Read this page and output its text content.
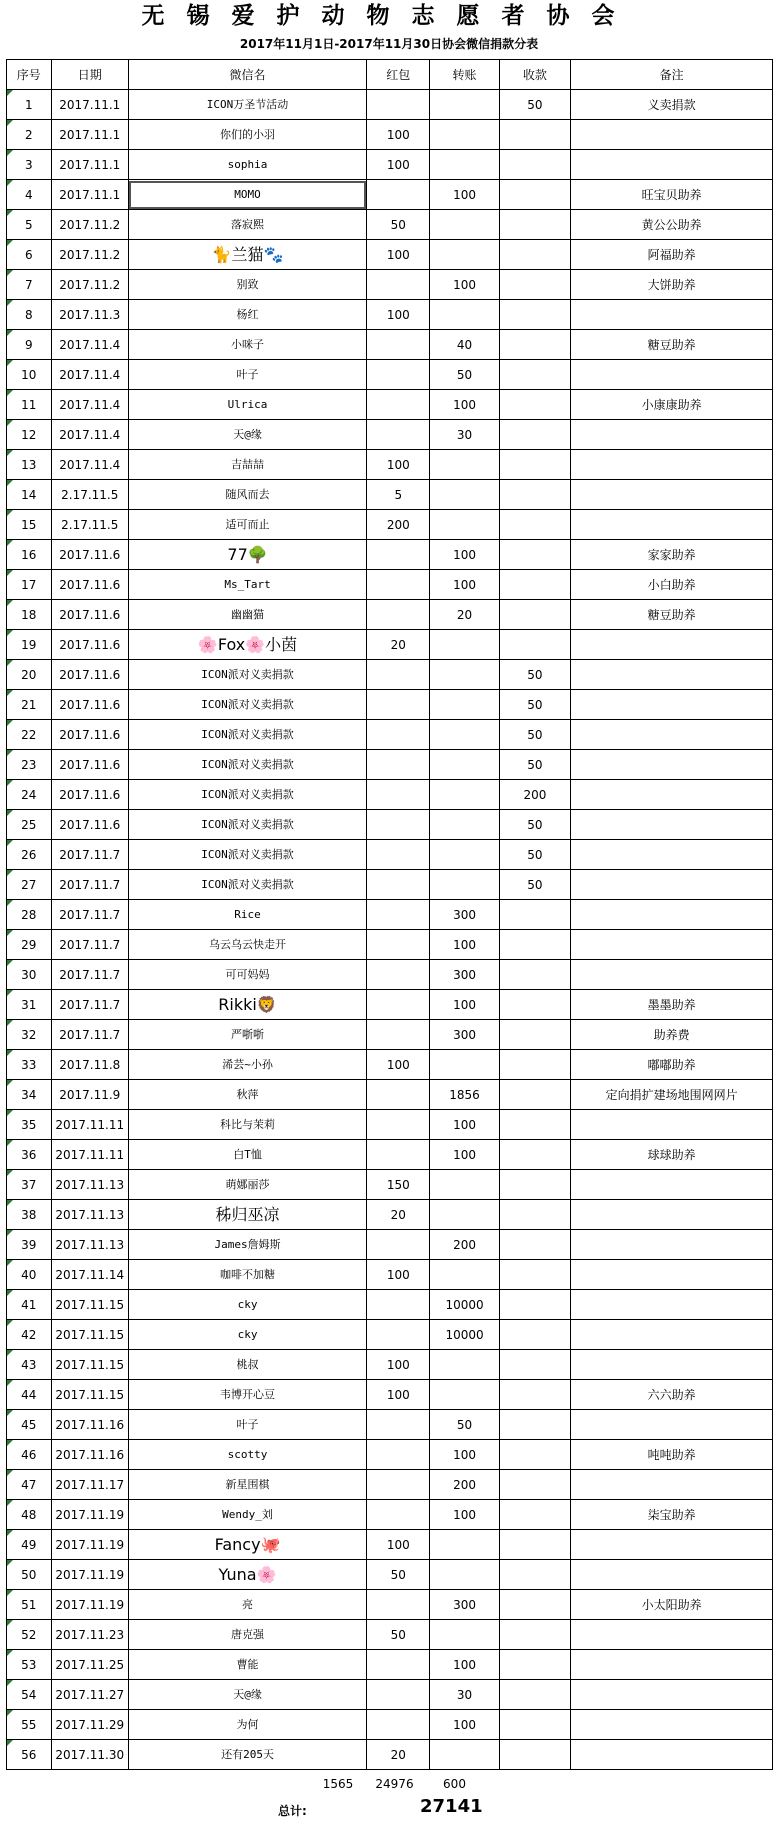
无锡爱护动物志愿者协会
2017年11月1日-2017年11月30日协会微信捐款分表
序号	日期	微信名	红包	转账	收款	备注
1	2017.11.1	ICON万圣节活动			50	义卖捐款
2	2017.11.1	你们的小羽	100			
3	2017.11.1	sophia	100			
4	2017.11.1	MOMO		100		旺宝贝助养
5	2017.11.2	落寂熙	50			黄公公助养
6	2017.11.2	🐈兰猫🐾	100			阿福助养
7	2017.11.2	别致		100		大饼助养
8	2017.11.3	杨红	100			
9	2017.11.4	小咪子		40		糖豆助养
10	2017.11.4	叶子		50		
11	2017.11.4	Ulrica		100		小康康助养
12	2017.11.4	天@缘		30		
13	2017.11.4	吉喆喆	100			
14	2.17.11.5	随风而去	5			
15	2.17.11.5	适可而止	200			
16	2017.11.6	77🌳		100		家家助养
17	2017.11.6	Ms_Tart		100		小白助养
18	2017.11.6	幽幽猫		20		糖豆助养
19	2017.11.6	🌸Fox🌸小茵	20			
20	2017.11.6	ICON派对义卖捐款			50	
21	2017.11.6	ICON派对义卖捐款			50	
22	2017.11.6	ICON派对义卖捐款			50	
23	2017.11.6	ICON派对义卖捐款			50	
24	2017.11.6	ICON派对义卖捐款			200	
25	2017.11.6	ICON派对义卖捐款			50	
26	2017.11.7	ICON派对义卖捐款			50	
27	2017.11.7	ICON派对义卖捐款			50	
28	2017.11.7	Rice		300		
29	2017.11.7	乌云乌云快走开		100		
30	2017.11.7	可可妈妈		300		
31	2017.11.7	Rikki🦁		100		墨墨助养
32	2017.11.7	严哳哳		300		助养费
33	2017.11.8	浠芸~小孙	100			嘟嘟助养
34	2017.11.9	秋萍		1856		定向捐扩建场地围网网片
35	2017.11.11	科比与茉莉		100		
36	2017.11.11	白T恤		100		球球助养
37	2017.11.13	萌娜丽莎	150			
38	2017.11.13	秭归巫凉	20			
39	2017.11.13	James詹姆斯		200		
40	2017.11.14	咖啡不加糖	100			
41	2017.11.15	cky		10000		
42	2017.11.15	cky		10000		
43	2017.11.15	桃叔	100			
44	2017.11.15	韦博开心豆	100			六六助养
45	2017.11.16	叶子		50		
46	2017.11.16	scotty		100		吨吨助养
47	2017.11.17	新星围棋		200		
48	2017.11.19	Wendy_刘		100		柒宝助养
49	2017.11.19	Fancy🐙	100			
50	2017.11.19	Yuna🌸	50			
51	2017.11.19	亮		300		小太阳助养
52	2017.11.23	唐克强	50			
53	2017.11.25	曹能		100		
54	2017.11.27	天@缘		30		
55	2017.11.29	为何		100		
56	2017.11.30	还有205天	20			
1565	24976	600
总计:	27141
